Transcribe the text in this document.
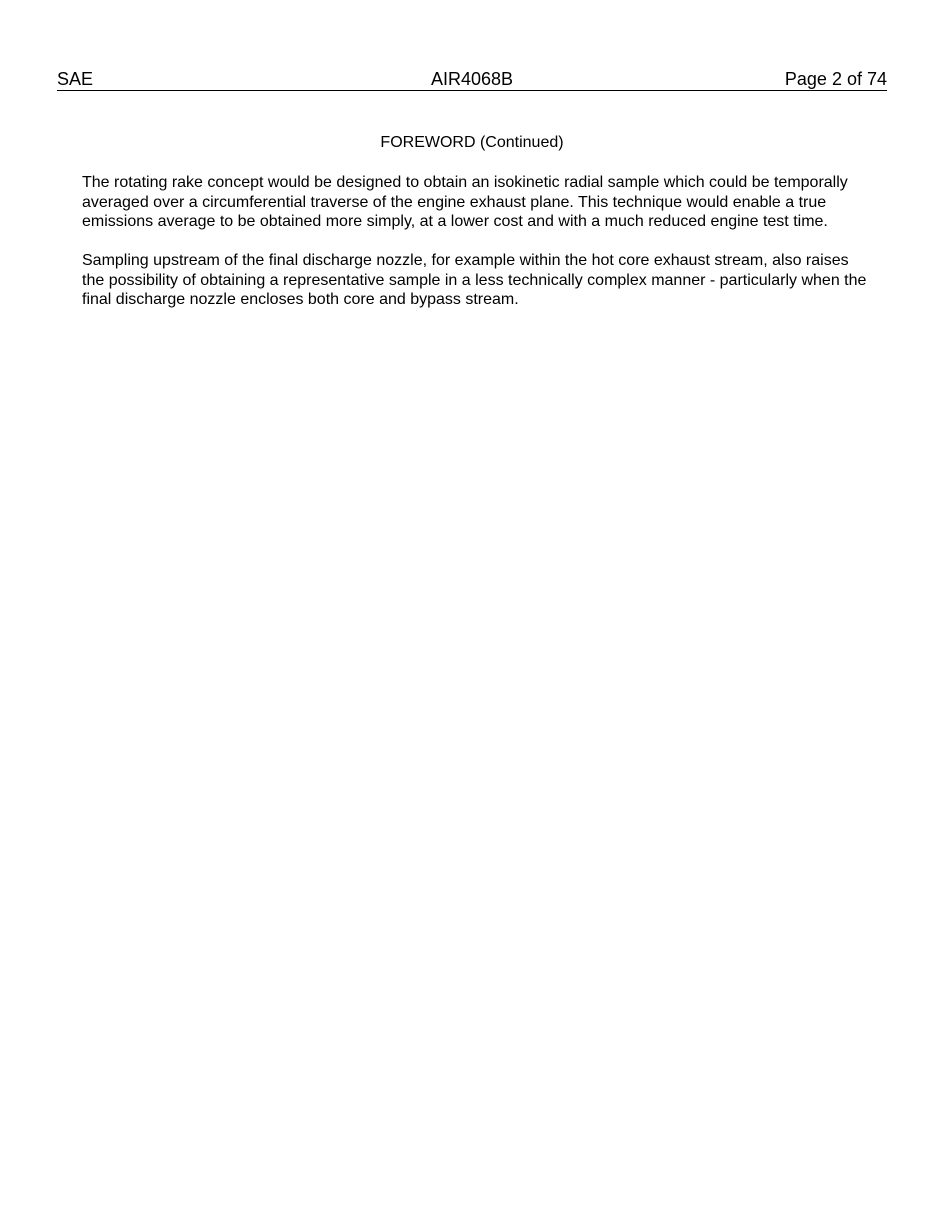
AIR4068B
SAE	Page 2 of 74
FOREWORD (Continued)

The rotating rake concept would be designed to obtain an isokinetic radial sample which could be temporally averaged over a circumferential traverse of the engine exhaust plane. This technique would enable a true emissions average to be obtained more simply, at a lower cost and with a much reduced engine test time.

Sampling upstream of the final discharge nozzle, for example within the hot core exhaust stream, also raises the possibility of obtaining a representative sample in a less technically complex manner - particularly when the final discharge nozzle encloses both core and bypass stream.
